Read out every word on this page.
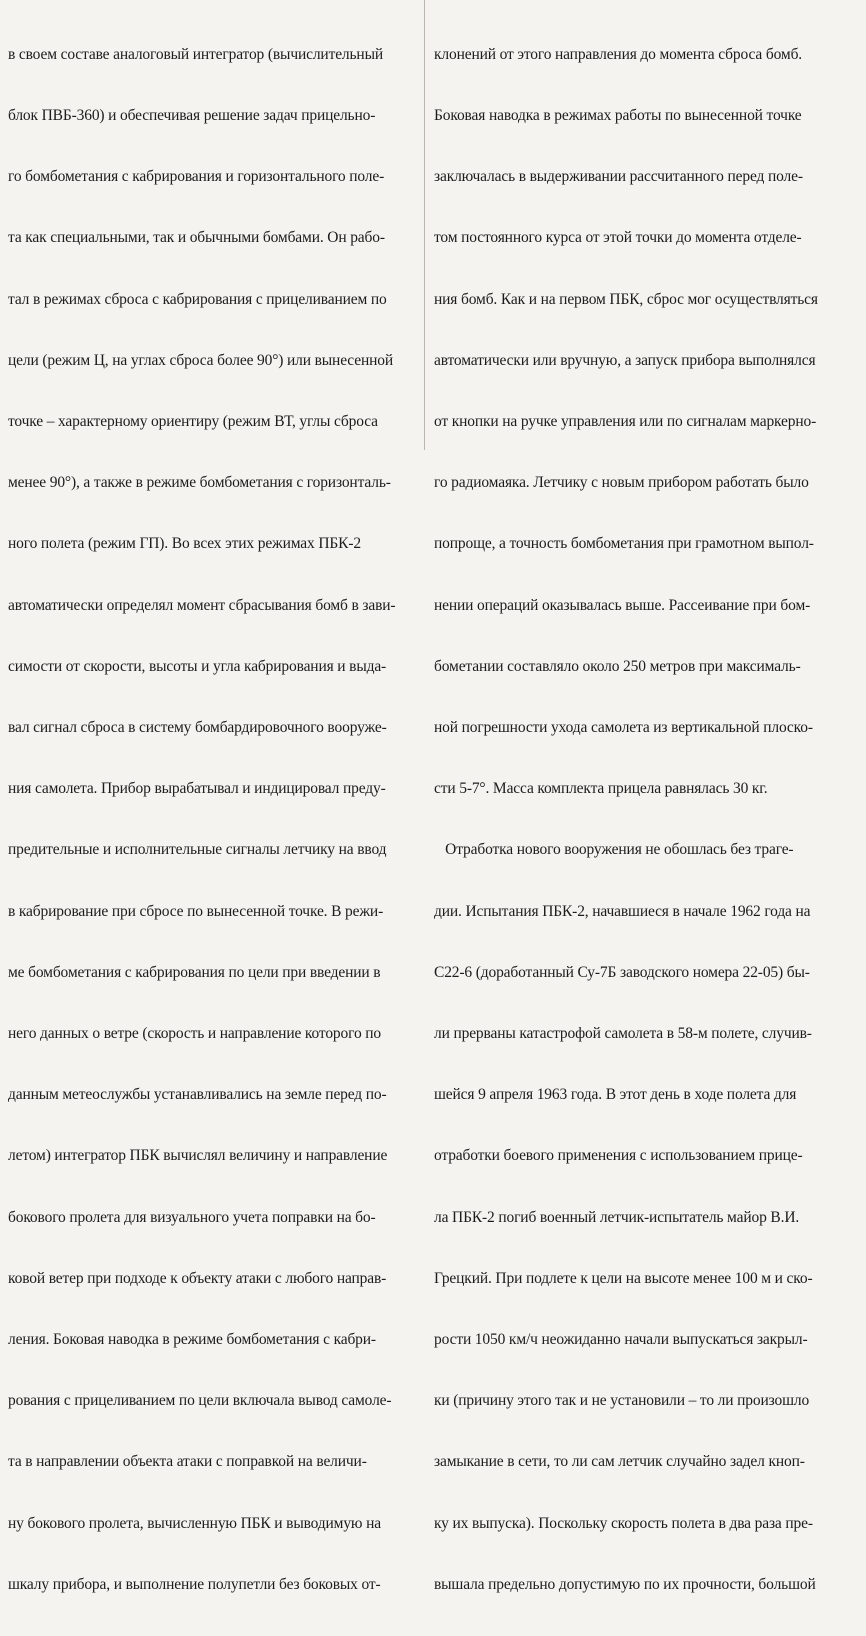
в своем составе аналоговый интегратор (вычислительный

блок ПВБ-360) и обеспечивая решение задач прицельно-

го бомбометания с кабрирования и горизонтального поле-

та как специальными, так и обычными бомбами. Он рабо-

тал в режимах сброса с кабрирования с прицеливанием по

цели (режим Ц, на углах сброса более 90°) или вынесенной

точке – характерному ориентиру (режим ВТ, углы сброса

менее 90°), а также в режиме бомбометания с горизонталь-

ного полета (режим ГП). Во всех этих режимах ПБК-2

автоматически определял момент сбрасывания бомб в зави-

симости от скорости, высоты и угла кабрирования и выда-

вал сигнал сброса в систему бомбардировочного вооруже-

ния самолета. Прибор вырабатывал и индицировал преду-

предительные и исполнительные сигналы летчику на ввод

в кабрирование при сбросе по вынесенной точке. В режи-

ме бомбометания с кабрирования по цели при введении в

него данных о ветре (скорость и направление которого по

данным метеослужбы устанавливались на земле перед по-

летом) интегратор ПБК вычислял величину и направление

бокового пролета для визуального учета поправки на бо-

ковой ветер при подходе к объекту атаки с любого направ-

ления. Боковая наводка в режиме бомбометания с кабри-

рования с прицеливанием по цели включала вывод самоле-

та в направлении объекта атаки с поправкой на величи-

ну бокового пролета, вычисленную ПБК и выводимую на

шкалу прибора, и выполнение полупетли без боковых от-

клонений от этого направления до момента сброса бомб.

Боковая наводка в режимах работы по вынесенной точке

заключалась в выдерживании рассчитанного перед поле-

том постоянного курса от этой точки до момента отделе-

ния бомб. Как и на первом ПБК, сброс мог осуществляться

автоматически или вручную, а запуск прибора выполнялся

от кнопки на ручке управления или по сигналам маркерно-

го радиомаяка. Летчику с новым прибором работать было

попроще, а точность бомбометания при грамотном выпол-

нении операций оказывалась выше. Рассеивание при бом-

бометании составляло около 250 метров при максималь-

ной погрешности ухода самолета из вертикальной плоско-

сти 5-7°. Масса комплекта прицела равнялась 30 кг.

Отработка нового вооружения не обошлась без траге-

дии. Испытания ПБК-2, начавшиеся в начале 1962 года на

С22-6 (доработанный Су-7Б заводского номера 22-05) бы-

ли прерваны катастрофой самолета в 58-м полете, случив-

шейся 9 апреля 1963 года. В этот день в ходе полета для

отработки боевого применения с использованием прице-

ла ПБК-2 погиб военный летчик-испытатель майор В.И.

Грецкий. При подлете к цели на высоте менее 100 м и ско-

рости 1050 км/ч неожиданно начали выпускаться закрыл-

ки (причину этого так и не установили – то ли произошло

замыкание в сети, то ли сам летчик случайно задел кноп-

ку их выпуска). Поскольку скорость полета в два раза пре-

вышала предельно допустимую по их прочности, большой
